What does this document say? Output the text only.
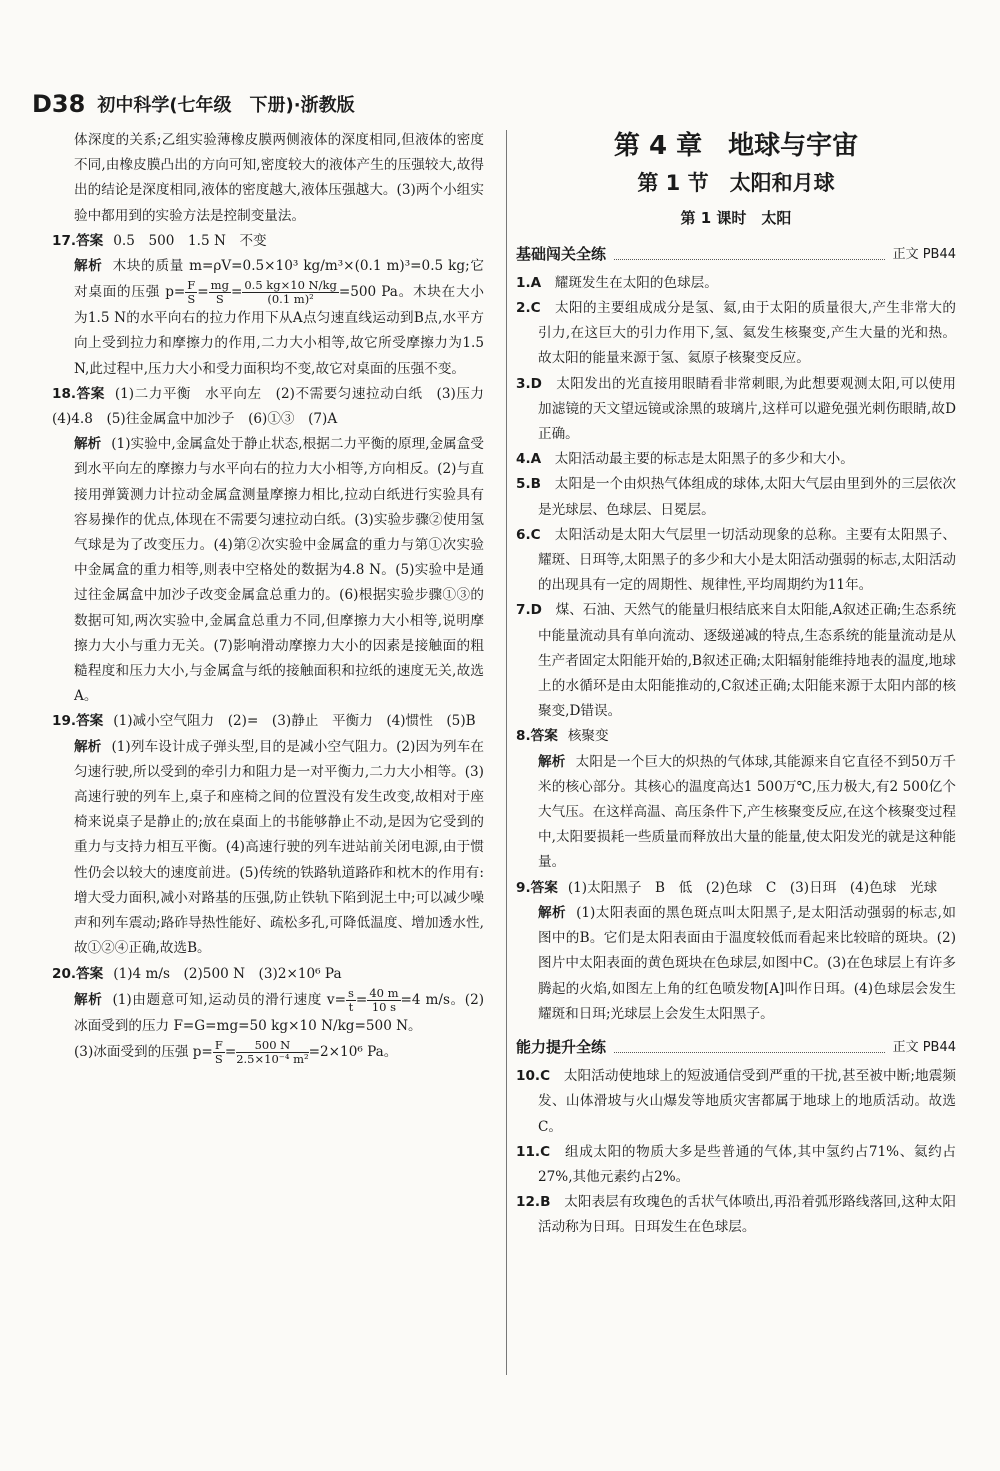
D38 初中科学(七年级　下册)·浙教版

体深度的关系;乙组实验薄橡皮膜两侧液体的深度相同,但液体的密度不同,由橡皮膜凸出的方向可知,密度较大的液体产生的压强较大,故得出的结论是深度相同,液体的密度越大,液体压强越大。(3)两个小组实验中都用到的实验方法是控制变量法。

17.答案 0.5　500　1.5 N　不变

解析 木块的质量 m=ρV=0.5×10³ kg/m³×(0.1 m)³=0.5 kg;它对桌面的压强 $p= \frac{F}{S} = \frac{mg}{S} = \frac{0.5 kg\times 10 N/kg}{\text{(0.1 m)²}} =500$ Pa。木块在大小为1.5 N的水平向右的拉力作用下从A点匀速直线运动到B点,水平方向上受到拉力和摩擦力的作用,二力大小相等,故它所受摩擦力为1.5 N,此过程中,压力大小和受力面积均不变,故它对桌面的压强不变。

18.答案 (1)二力平衡　水平向左　(2)不需要匀速拉动白纸　(3)压力　(4)4.8　(5)往金属盒中加沙子　(6)①③　(7)A

解析 (1)实验中,金属盒处于静止状态,根据二力平衡的原理,金属盒受到水平向左的摩擦力与水平向右的拉力大小相等,方向相反。(2)与直接用弹簧测力计拉动金属盒测量摩擦力相比,拉动白纸进行实验具有容易操作的优点,体现在不需要匀速拉动白纸。(3)实验步骤②使用氢气球是为了改变压力。(4)第②次实验中金属盒的重力与第①次实验中金属盒的重力相等,则表中空格处的数据为4.8 N。(5)实验中是通过往金属盒中加沙子改变金属盒总重力的。(6)根据实验步骤①③的数据可知,两次实验中,金属盒总重力不同,但摩擦力大小相等,说明摩擦力大小与重力无关。(7)影响滑动摩擦力大小的因素是接触面的粗糙程度和压力大小,与金属盒与纸的接触面积和拉纸的速度无关,故选A。

19.答案 (1)减小空气阻力　(2)=　(3)静止　平衡力　(4)惯性　(5)B

解析 (1)列车设计成子弹头型,目的是减小空气阻力。(2)因为列车在匀速行驶,所以受到的牵引力和阻力是一对平衡力,二力大小相等。(3)高速行驶的列车上,桌子和座椅之间的位置没有发生改变,故相对于座椅来说桌子是静止的;放在桌面上的书能够静止不动,是因为它受到的重力与支持力相互平衡。(4)高速行驶的列车进站前关闭电源,由于惯性仍会以较大的速度前进。(5)传统的铁路轨道路砟和枕木的作用有:增大受力面积,减小对路基的压强,防止铁轨下陷到泥土中;可以减少噪声和列车震动;路砟导热性能好、疏松多孔,可降低温度、增加透水性,故①②④正确,故选B。

20.答案 (1)4 m/s　(2)500 N　(3)2×10⁶ Pa

解析 (1)由题意可知,运动员的滑行速度 $v= \frac{s}{t} = \frac{40 m}{10 s} =4$ m/s。(2)冰面受到的压力 F=G=mg=50 kg×10 N/kg=500 N。

(3)冰面受到的压强 $p= \frac{F}{S} = \frac{500 N}{\text{2.5×10⁻⁴ m²}} =2\times 10^6$ Pa。

第 4 章　地球与宇宙
第 1 节　太阳和月球
第 1 课时　太阳
基础闯关全练	正文 PB44

1.A　 耀斑发生在太阳的色球层。

2.C　 太阳的主要组成成分是氢、氦,由于太阳的质量很大,产生非常大的引力,在这巨大的引力作用下,氢、氦发生核聚变,产生大量的光和热。故太阳的能量来源于氢、氦原子核聚变反应。

3.D　 太阳发出的光直接用眼睛看非常刺眼,为此想要观测太阳,可以使用加滤镜的天文望远镜或涂黑的玻璃片,这样可以避免强光刺伤眼睛,故D正确。

4.A　 太阳活动最主要的标志是太阳黑子的多少和大小。

5.B　 太阳是一个由炽热气体组成的球体,太阳大气层由里到外的三层依次是光球层、色球层、日冕层。

6.C　 太阳活动是太阳大气层里一切活动现象的总称。主要有太阳黑子、耀斑、日珥等,太阳黑子的多少和大小是太阳活动强弱的标志,太阳活动的出现具有一定的周期性、规律性,平均周期约为11年。

7.D　 煤、石油、天然气的能量归根结底来自太阳能,A叙述正确;生态系统中能量流动具有单向流动、逐级递减的特点,生态系统的能量流动是从生产者固定太阳能开始的,B叙述正确;太阳辐射能维持地表的温度,地球上的水循环是由太阳能推动的,C叙述正确;太阳能来源于太阳内部的核聚变,D错误。

8.答案 核聚变

解析 太阳是一个巨大的炽热的气体球,其能源来自它直径不到50万千米的核心部分。其核心的温度高达1 500万℃,压力极大,有2 500亿个大气压。在这样高温、高压条件下,产生核聚变反应,在这个核聚变过程中,太阳要损耗一些质量而释放出大量的能量,使太阳发光的就是这种能量。

9.答案 (1)太阳黑子　B　低　(2)色球　C　(3)日珥　(4)色球　光球

解析 (1)太阳表面的黑色斑点叫太阳黑子,是太阳活动强弱的标志,如图中的B。它们是太阳表面由于温度较低而看起来比较暗的斑块。(2)图片中太阳表面的黄色斑块在色球层,如图中C。(3)在色球层上有许多腾起的火焰,如图左上角的红色喷发物[A]叫作日珥。(4)色球层会发生耀斑和日珥;光球层上会发生太阳黑子。

能力提升全练	正文 PB44

10.C　 太阳活动使地球上的短波通信受到严重的干扰,甚至被中断;地震频发、山体滑坡与火山爆发等地质灾害都属于地球上的地质活动。故选C。

11.C　 组成太阳的物质大多是些普通的气体,其中氢约占71%、氦约占27%,其他元素约占2%。

12.B　 太阳表层有玫瑰色的舌状气体喷出,再沿着弧形路线落回,这种太阳活动称为日珥。日珥发生在色球层。
